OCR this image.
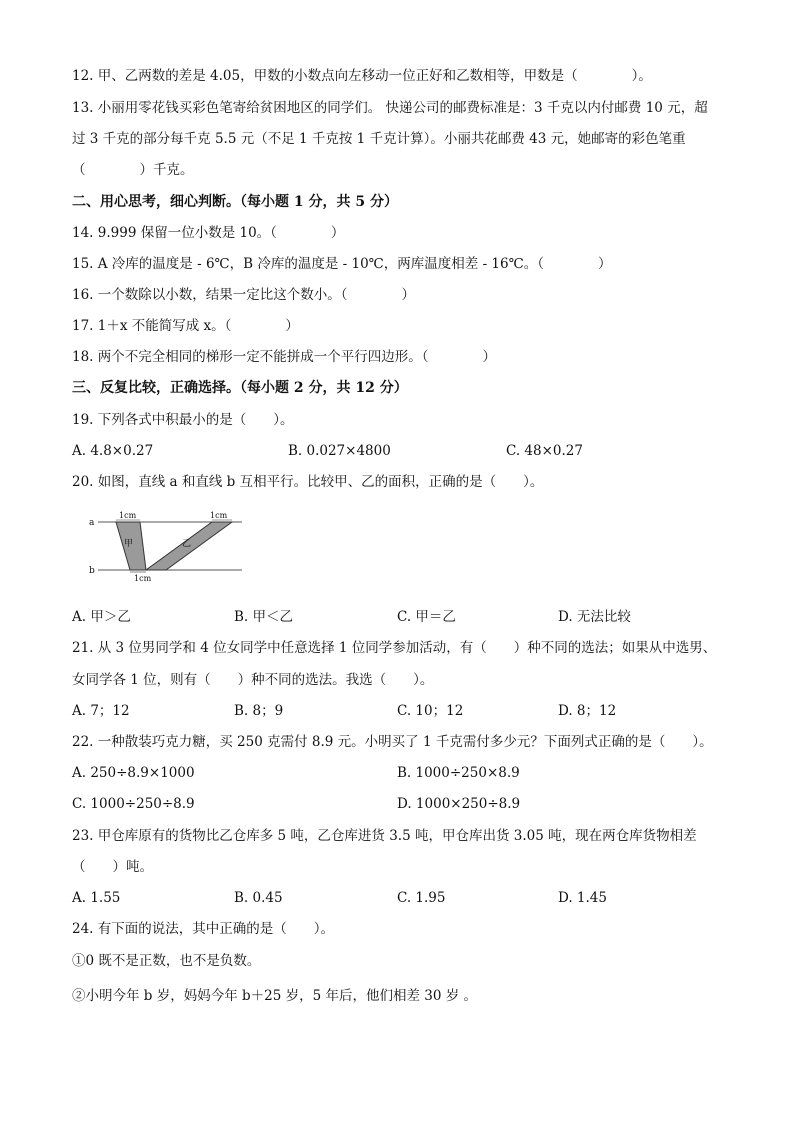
12. 甲、乙两数的差是 4.05，甲数的小数点向左移动一位正好和乙数相等，甲数是（　　　　）。
13. 小丽用零花钱买彩色笔寄给贫困地区的同学们。 快递公司的邮费标准是：3 千克以内付邮费 10 元，超
过 3 千克的部分每千克 5.5 元（不足 1 千克按 1 千克计算）。小丽共花邮费 43 元，她邮寄的彩色笔重
（　　　　）千克。
二、用心思考，细心判断。（每小题 1 分，共 5 分）
14. 9.999 保留一位小数是 10。（　　　　）
15. A 冷库的温度是 - 6℃，B 冷库的温度是 - 10℃，两库温度相差 - 16℃。（　　　　）
16. 一个数除以小数，结果一定比这个数小。（　　　　）
17. 1＋x 不能简写成 x。（　　　　）
18. 两个不完全相同的梯形一定不能拼成一个平行四边形。（　　　　）
三、反复比较，正确选择。（每小题 2 分，共 12 分）
19. 下列各式中积最小的是（　　）。
A. 4.8×0.27	B. 0.027×4800	C. 48×0.27
20. 如图，直线 a 和直线 b 互相平行。比较甲、乙的面积，正确的是（　　）。
a
b
1cm	1cm
1cm
甲	乙
A. 甲＞乙	B. 甲＜乙	C. 甲＝乙	D. 无法比较
21. 从 3 位男同学和 4 位女同学中任意选择 1 位同学参加活动，有（　　）种不同的选法；如果从中选男、
女同学各 1 位，则有（　　）种不同的选法。我选（　　）。
A. 7；12	B. 8；9	C. 10；12	D. 8；12
22. 一种散装巧克力糖，买 250 克需付 8.9 元。小明买了 1 千克需付多少元？下面列式正确的是（　　）。
A. 250÷8.9×1000	B. 1000÷250×8.9
C. 1000÷250÷8.9	D. 1000×250÷8.9
23. 甲仓库原有的货物比乙仓库多 5 吨，乙仓库进货 3.5 吨，甲仓库出货 3.05 吨，现在两仓库货物相差
（　　）吨。
A. 1.55	B. 0.45	C. 1.95	D. 1.45
24. 有下面的说法，其中正确的是（　　）。
①0 既不是正数，也不是负数。
②小明今年 b 岁，妈妈今年 b＋25 岁，5 年后，他们相差 30 岁 。
